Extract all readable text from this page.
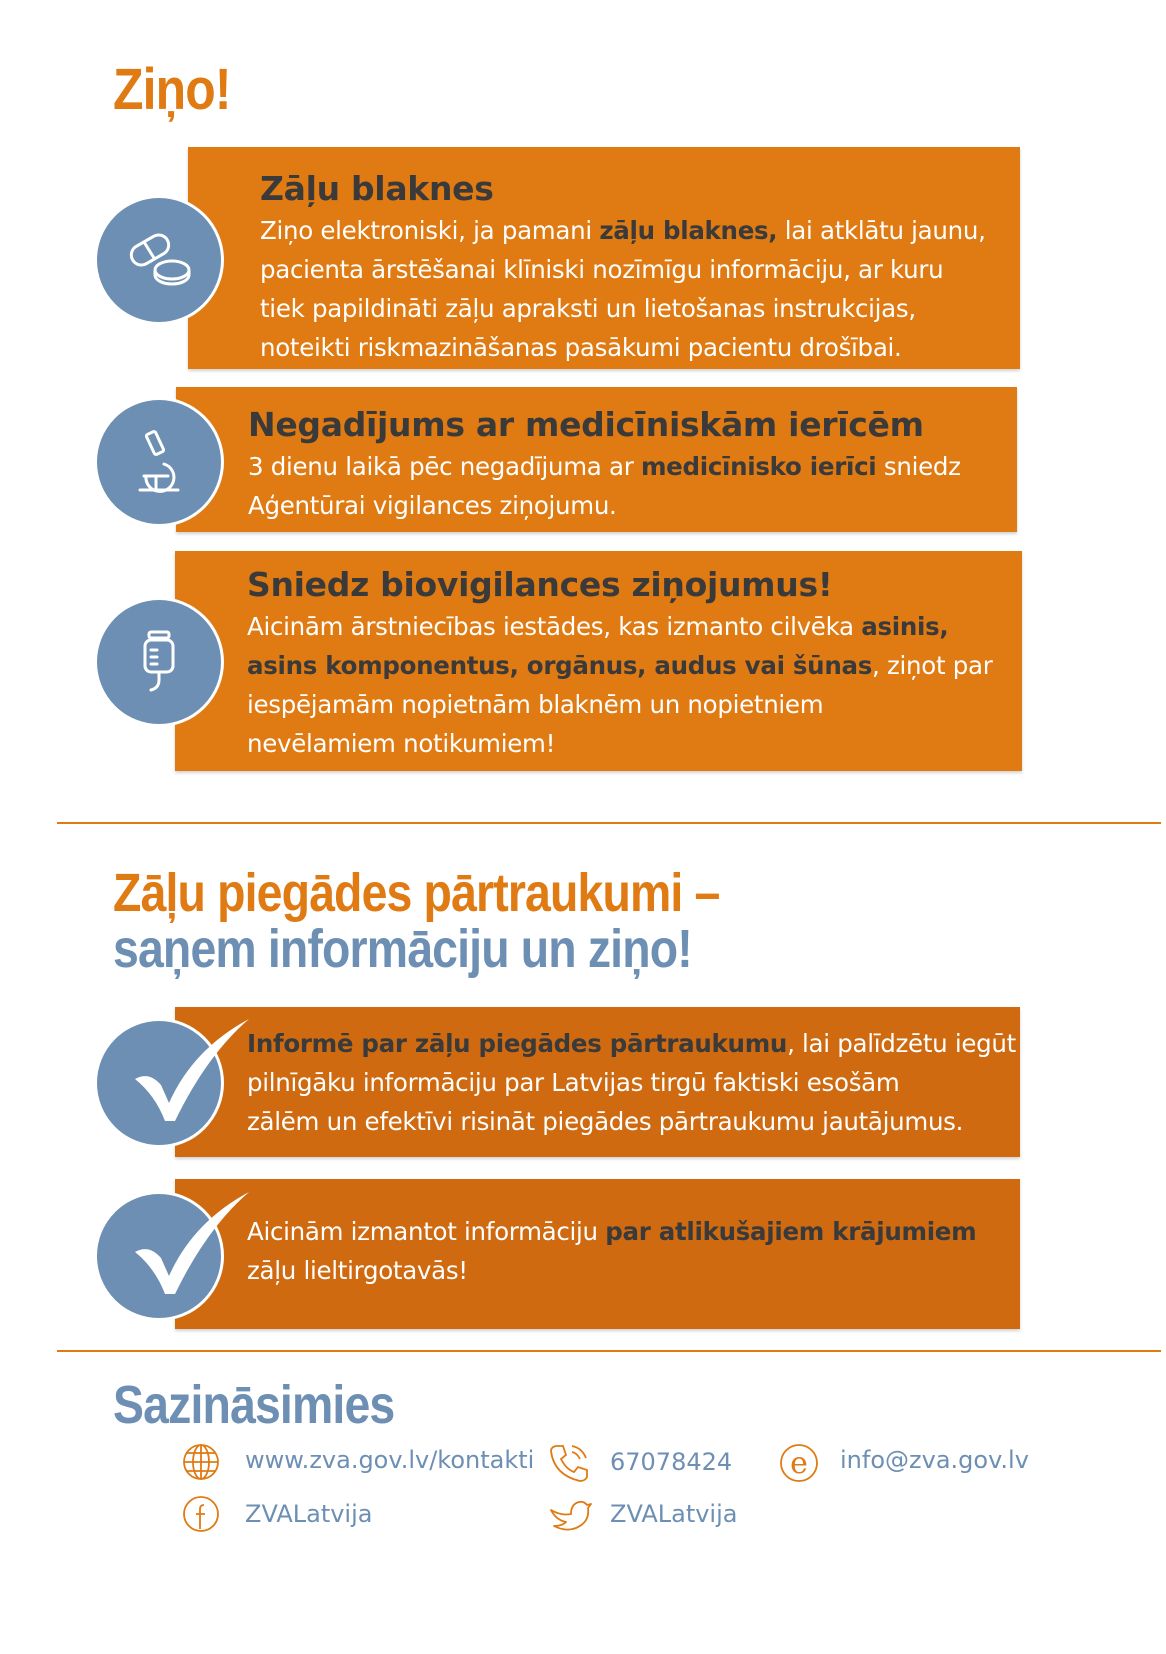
Ziņo!
Zāļu blaknes
Ziņo elektroniski, ja pamani zāļu blaknes, lai atklātu jaunu,
pacienta ārstēšanai klīniski nozīmīgu informāciju, ar kuru
tiek papildināti zāļu apraksti un lietošanas instrukcijas,
noteikti riskmazināšanas pasākumi pacientu drošībai.
Negadījums ar medicīniskām ierīcēm
3 dienu laikā pēc negadījuma ar medicīnisko ierīci sniedz
Aģentūrai vigilances ziņojumu.
Sniedz biovigilances ziņojumus!
Aicinām ārstniecības iestādes, kas izmanto cilvēka asinis,
asins komponentus, orgānus, audus vai šūnas, ziņot par
iespējamām nopietnām blaknēm un nopietniem
nevēlamiem notikumiem!
Zāļu piegādes pārtraukumi –
saņem informāciju un ziņo!
Informē par zāļu piegādes pārtraukumu, lai palīdzētu iegūt
pilnīgāku informāciju par Latvijas tirgū faktiski esošām
zālēm un efektīvi risināt piegādes pārtraukumu jautājumus.
Aicinām izmantot informāciju par atlikušajiem krājumiem
zāļu lieltirgotavās!
Sazināsimies
www.zva.gov.lv/kontakti	67078424 e info@zva.gov.lv
ZVALatvija	ZVALatvija
